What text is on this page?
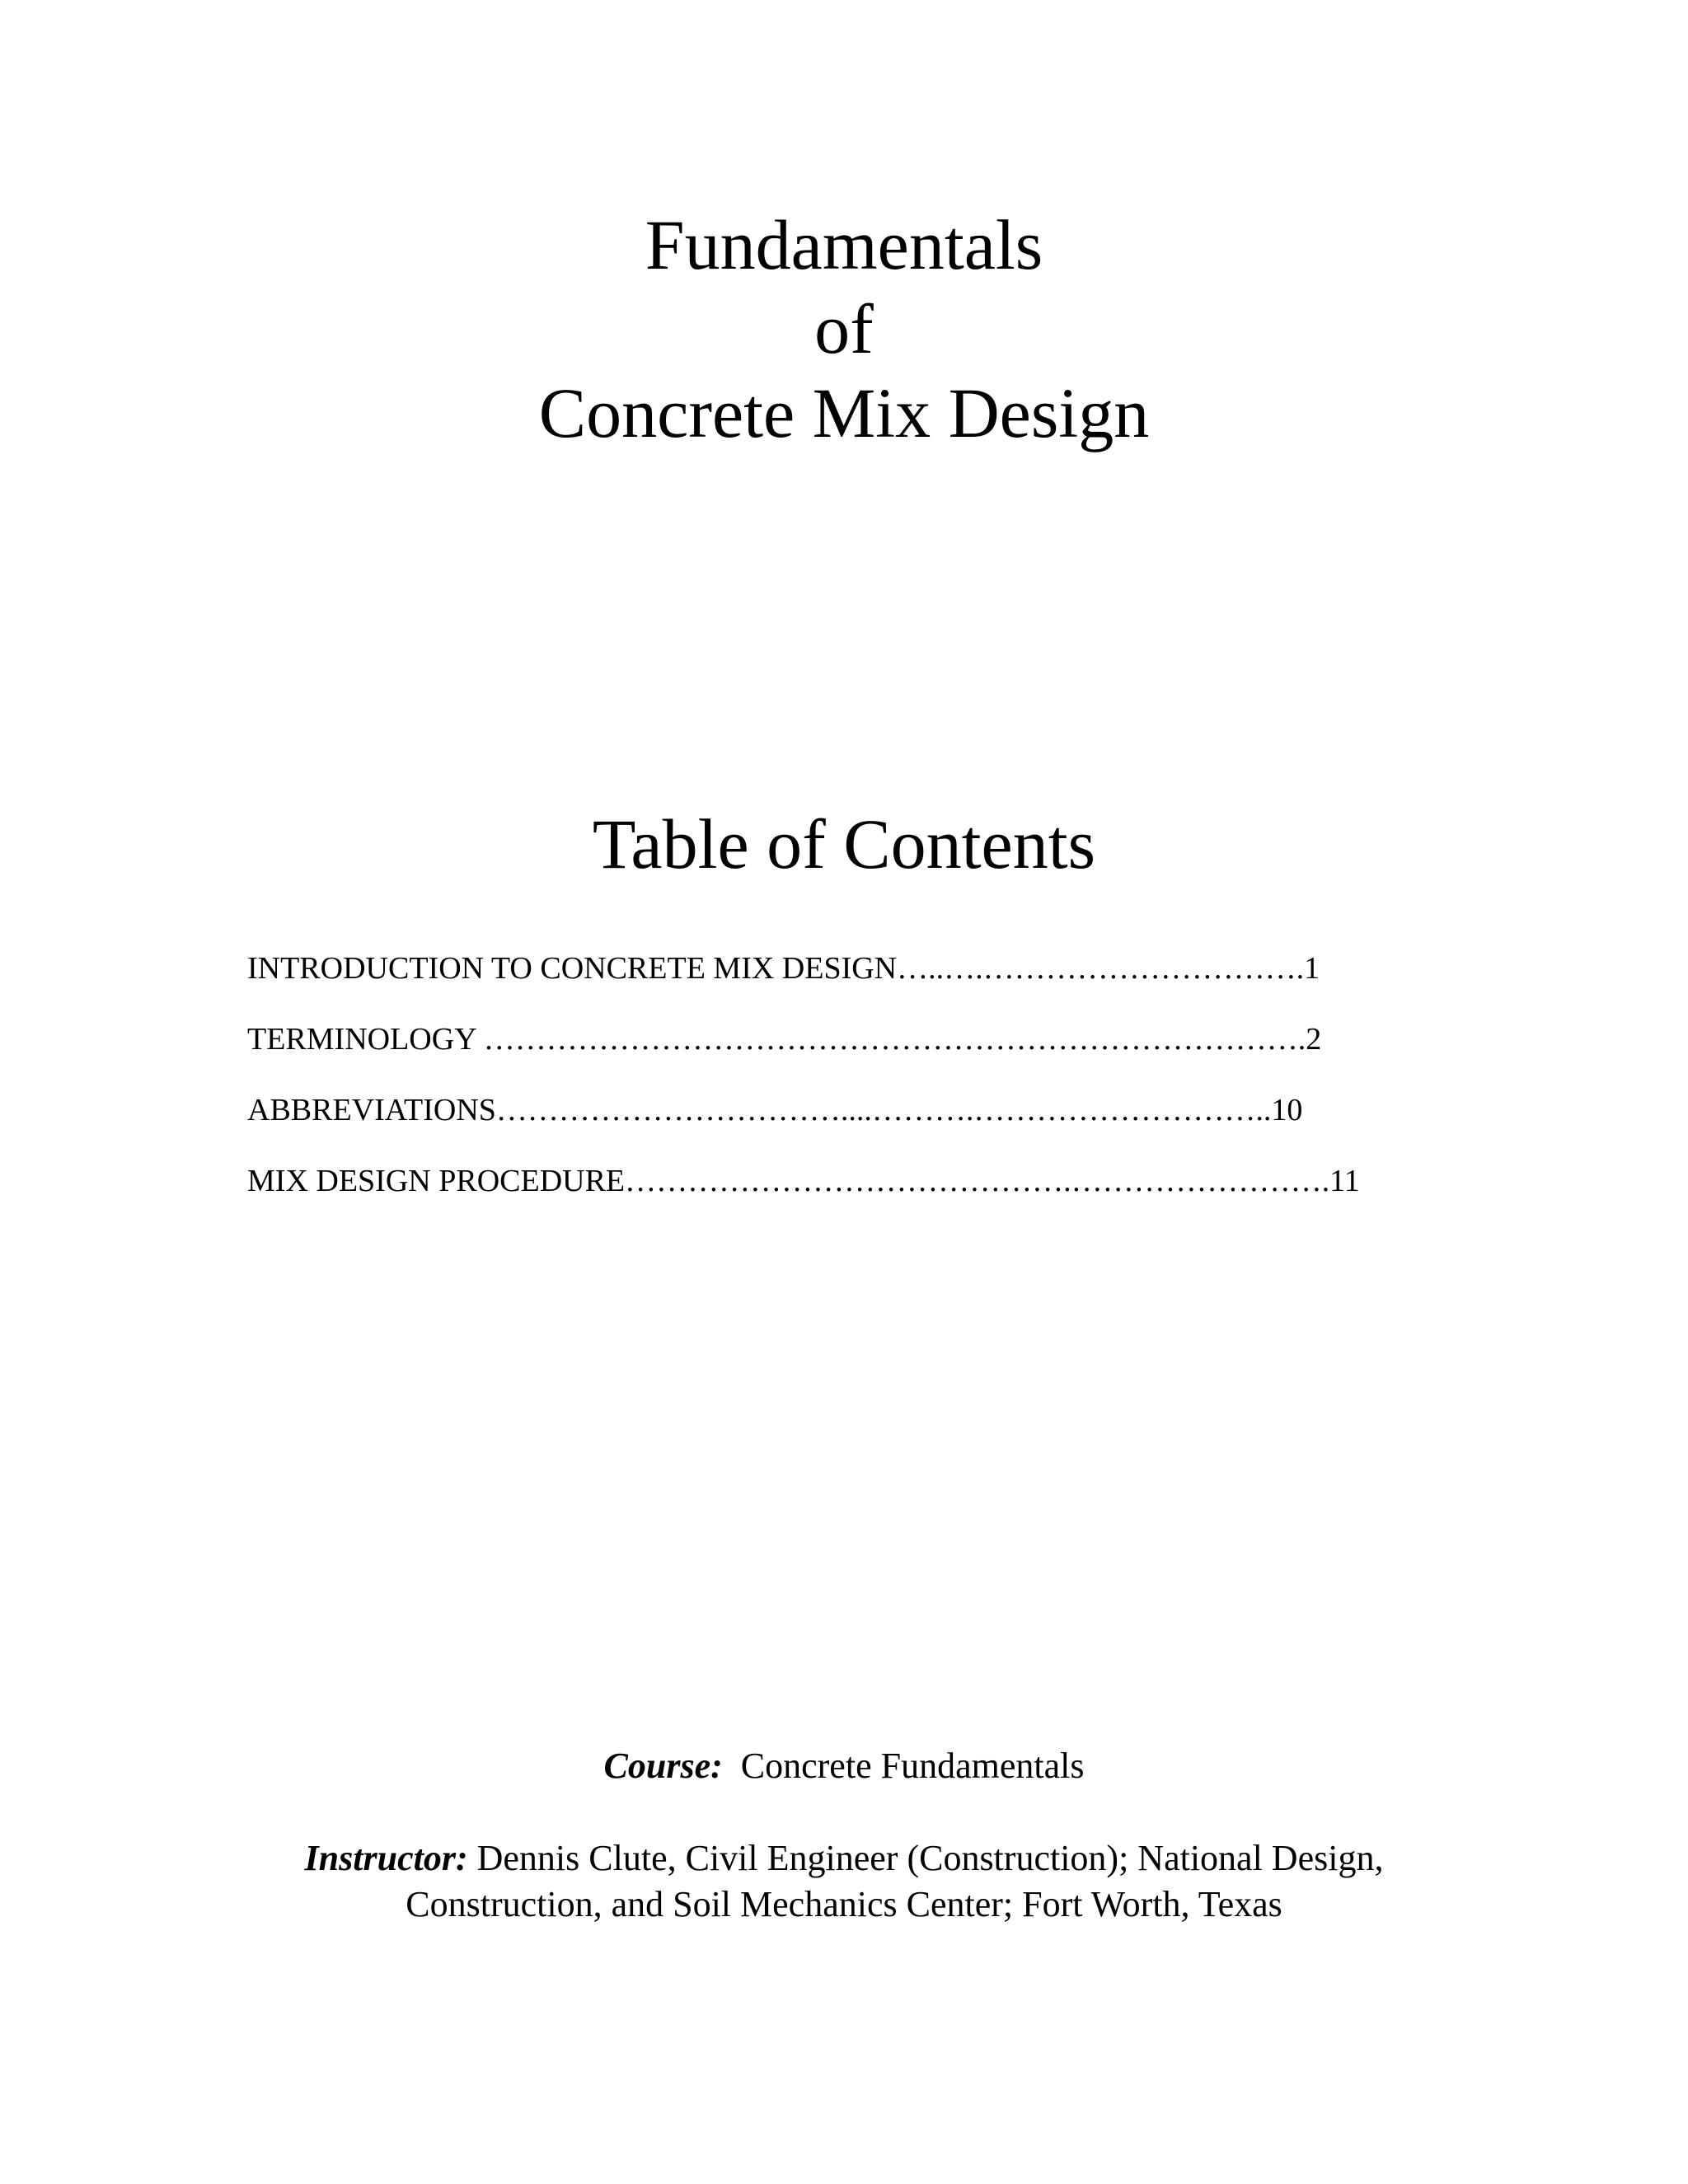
Fundamentals
of
Concrete Mix Design
Table of Contents
INTRODUCTION TO CONCRETE MIX DESIGN…..….………………………….1
TERMINOLOGY …………………………………………………………………….2
ABBREVIATIONS……………………………....……….………………………..10
MIX DESIGN PROCEDURE…………………………………….…………………….11
Course: Concrete Fundamentals
Instructor: Dennis Clute, Civil Engineer (Construction); National Design,
Construction, and Soil Mechanics Center; Fort Worth, Texas
